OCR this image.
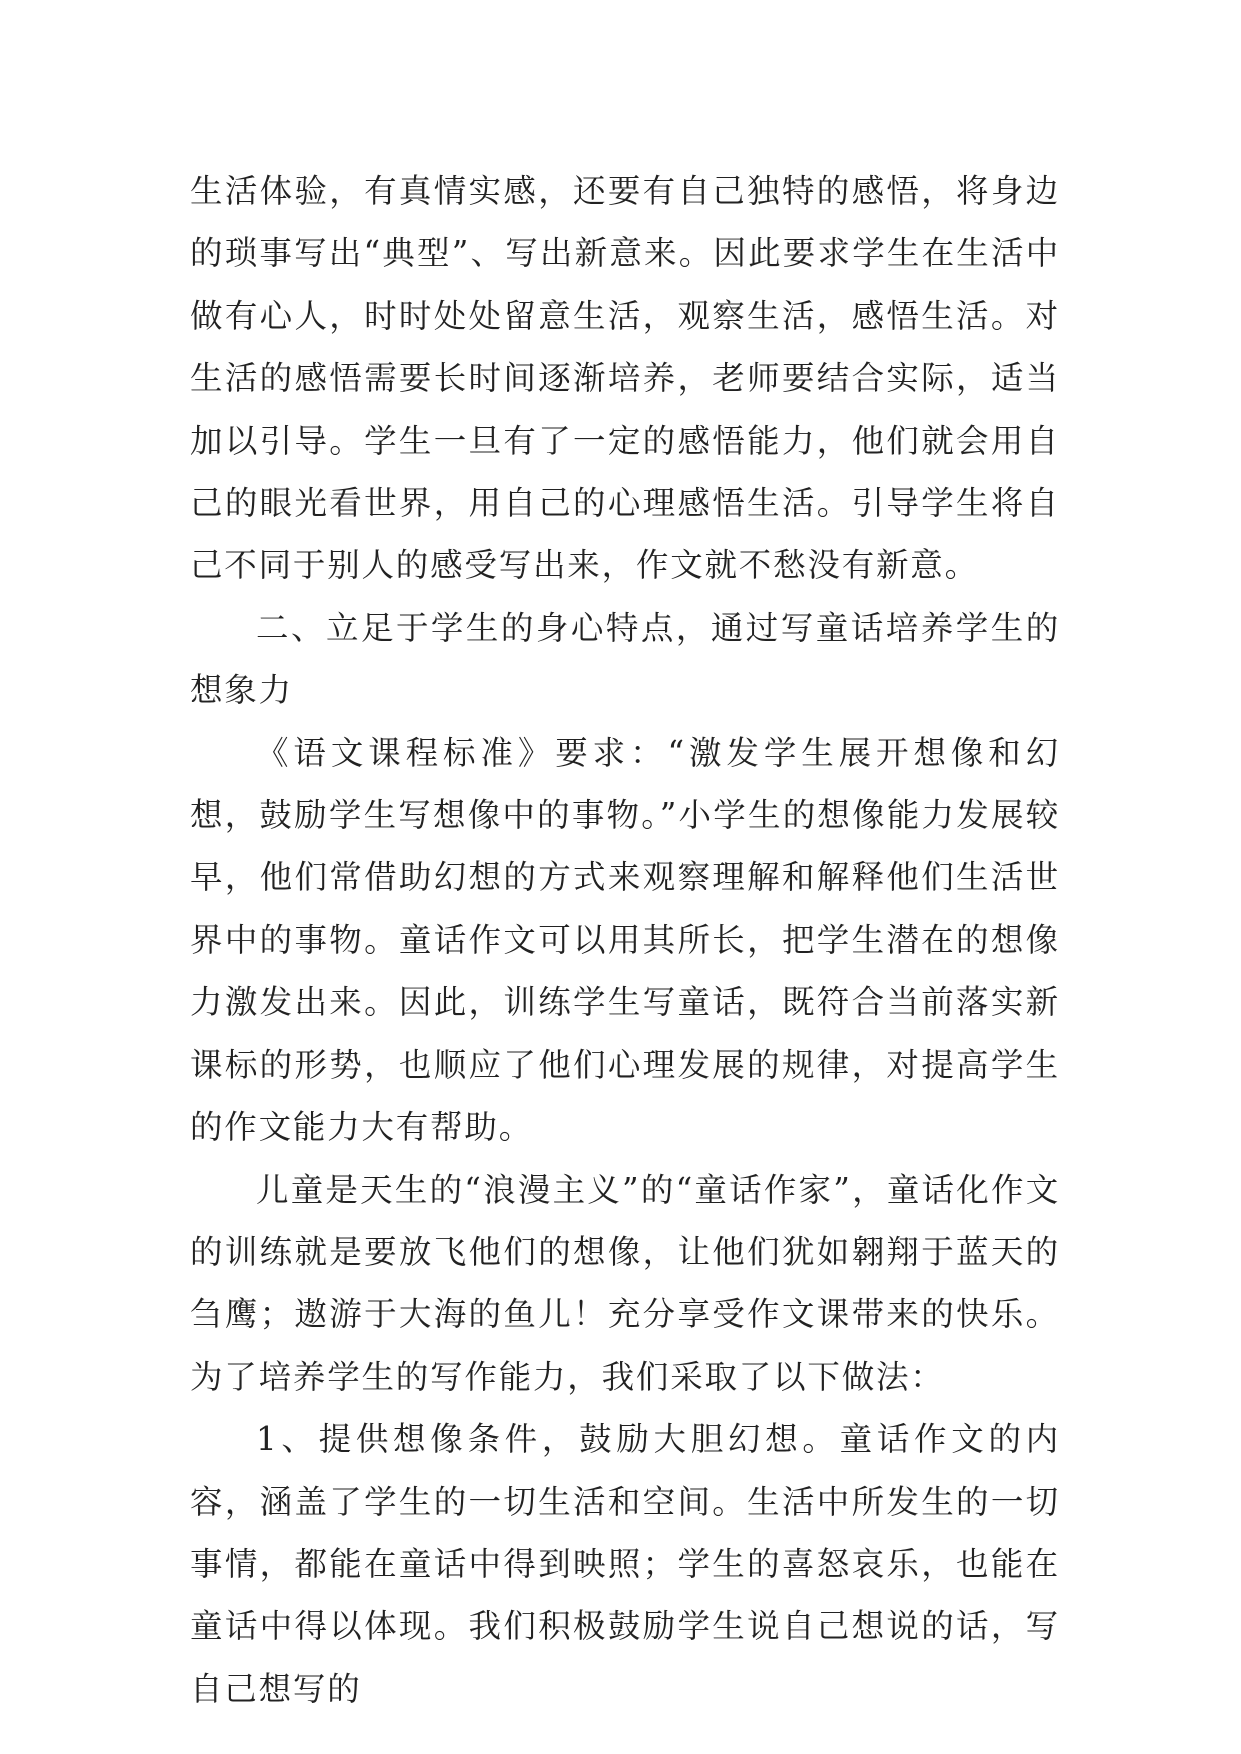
生活体验，有真情实感，还要有自己独特的感悟，将身边的琐事写出“典型”、写出新意来。因此要求学生在生活中做有心人，时时处处留意生活，观察生活，感悟生活。对生活的感悟需要长时间逐渐培养，老师要结合实际，适当加以引导。学生一旦有了一定的感悟能力，他们就会用自己的眼光看世界，用自己的心理感悟生活。引导学生将自己不同于别人的感受写出来，作文就不愁没有新意。

二、立足于学生的身心特点，通过写童话培养学生的想象力

《语文课程标准》要求：“激发学生展开想像和幻想，鼓励学生写想像中的事物。”小学生的想像能力发展较早，他们常借助幻想的方式来观察理解和解释他们生活世界中的事物。童话作文可以用其所长，把学生潜在的想像力激发出来。因此，训练学生写童话，既符合当前落实新课标的形势，也顺应了他们心理发展的规律，对提高学生的作文能力大有帮助。

儿童是天生的“浪漫主义”的“童话作家”，童话化作文的训练就是要放飞他们的想像，让他们犹如翱翔于蓝天的刍鹰；遨游于大海的鱼儿！充分享受作文课带来的快乐。为了培养学生的写作能力，我们采取了以下做法：

1、提供想像条件，鼓励大胆幻想。童话作文的内容，涵盖了学生的一切生活和空间。生活中所发生的一切事情，都能在童话中得到映照；学生的喜怒哀乐，也能在童话中得以体现。我们积极鼓励学生说自己想说的话，写自己想写的
